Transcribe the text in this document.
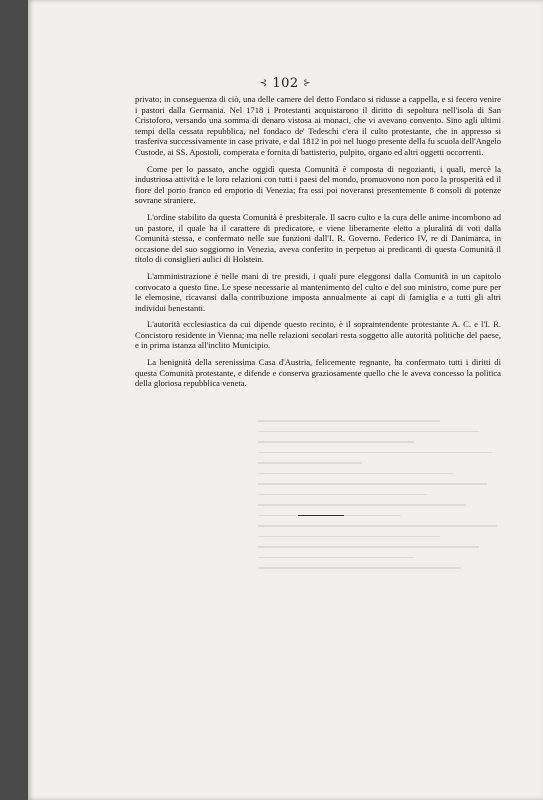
⊰ 102 ⊱

privato; in conseguenza di ciò, una delle camere del detto Fondaco si ridusse a cappella, e si fecero venire i pastori dalla Germania. Nel 1718 i Protestanti acquistarono il diritto di sepoltura nell'isola di San Cristoforo, versando una somma di denaro vistosa ai monaci, che vi avevano convento. Sino agli ultimi tempi della cessata repubblica, nel fondaco de' Tedeschi c'era il culto protestante, che in appresso si trasferiva successivamente in case private, e dal 1812 in poi nel luogo presente della fu scuola dell'Angelo Custode, ai SS. Apostoli, comperata e fornita di battisterio, pulpito, organo ed altri oggetti occorrenti.

Come per lo passato, anche oggidì questa Comunità è composta di negozianti, i quali, mercè la industriosa attività e le loro relazioni con tutti i paesi del mondo, promuovono non poco la prosperità ed il fiore del porto franco ed emporio di Venezia; fra essi poi noveransi presentemente 8 consoli di potenze sovrane straniere.

L'ordine stabilito da questa Comunità è presbiterale. Il sacro culto e la cura delle anime incombono ad un pastore, il quale ha il carattere di predicatore, e viene liberamente eletto a pluralità di voti dalla Comunità stessa, e confermato nelle sue funzioni dall'I. R. Governo. Federico IV, re di Danimarca, in occasione del suo soggiorno in Venezia, aveva conferito in perpetuo ai predicanti di questa Comunità il titolo di consiglieri aulici di Holstein.

L'amministrazione è nelle mani di tre presidi, i quali pure eleggonsi dalla Comunità in un capitolo convocato a questo fine. Le spese necessarie al mantenimento del culto e del suo ministro, come pure per le elemosine, ricavansi dalla contribuzione imposta annualmente ai capi di famiglia e a tutti gli altri individui benestanti.

L'autorità ecclesiastica da cui dipende questo recinto, è il sopraintendente protestante A. C. e l'I. R. Concistoro residente in Vienna; ma nelle relazioni secolari resta soggetto alle autorità politiche del paese, e in prima istanza all'inclito Municipio.

La benignità della serenissima Casa d'Austria, felicemente regnante, ha confermato tutti i diritti di questa Comunità protestante, e difende e conserva graziosamente quello che le aveva concesso la politica della gloriosa repubblica veneta.
